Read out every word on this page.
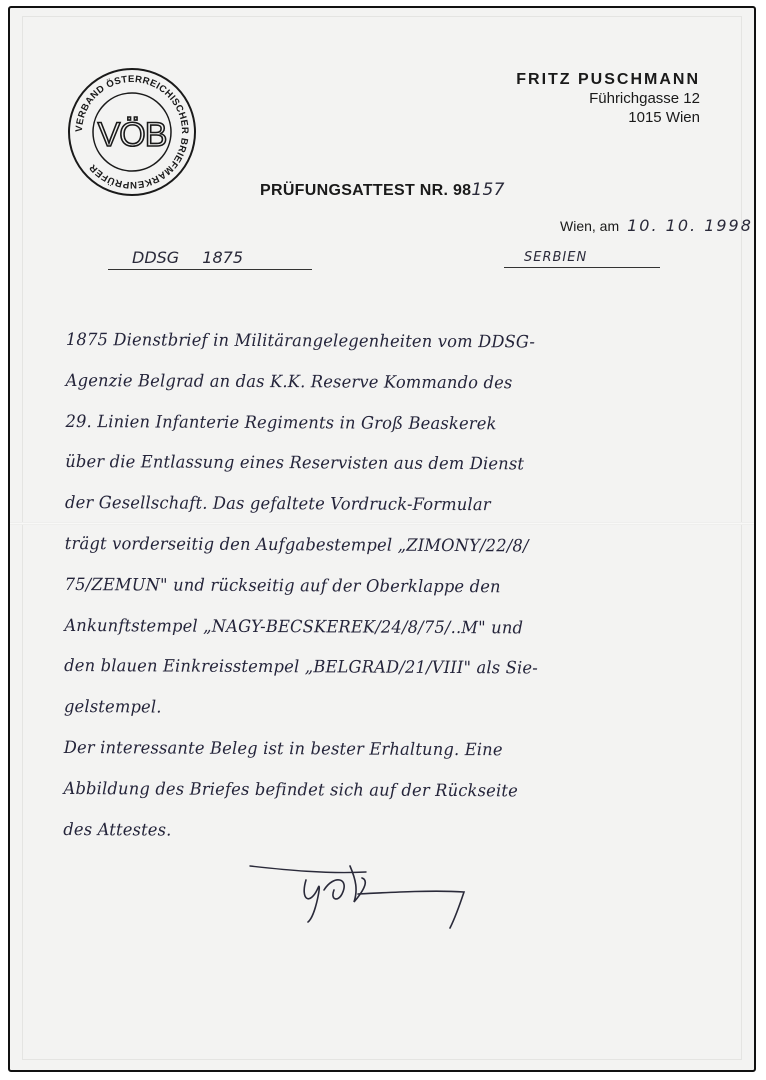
VERBAND ÖSTERREICHISCHER BRIEFMARKENPRÜFER
VÖB
FRITZ PUSCHMANN
Führichgasse 12
1015 Wien
PRÜFUNGSATTEST NR. 98157
Wien, am 10. 10. 1998
DDSG 1875	SERBIEN
1875 Dienstbrief in Militärangelegenheiten vom DDSG-
Agenzie Belgrad an das K.K. Reserve Kommando des
29. Linien Infanterie Regiments in Groß Beaskerek
über die Entlassung eines Reservisten aus dem Dienst
der Gesellschaft. Das gefaltete Vordruck-Formular
trägt vorderseitig den Aufgabestempel „ZIMONY/22/8/
75/ZEMUN" und rückseitig auf der Oberklappe den
Ankunftstempel „NAGY-BECSKEREK/24/8/75/..M" und
den blauen Einkreisstempel „BELGRAD/21/VIII" als Sie-
gelstempel.
Der interessante Beleg ist in bester Erhaltung. Eine
Abbildung des Briefes befindet sich auf der Rückseite
des Attestes.
